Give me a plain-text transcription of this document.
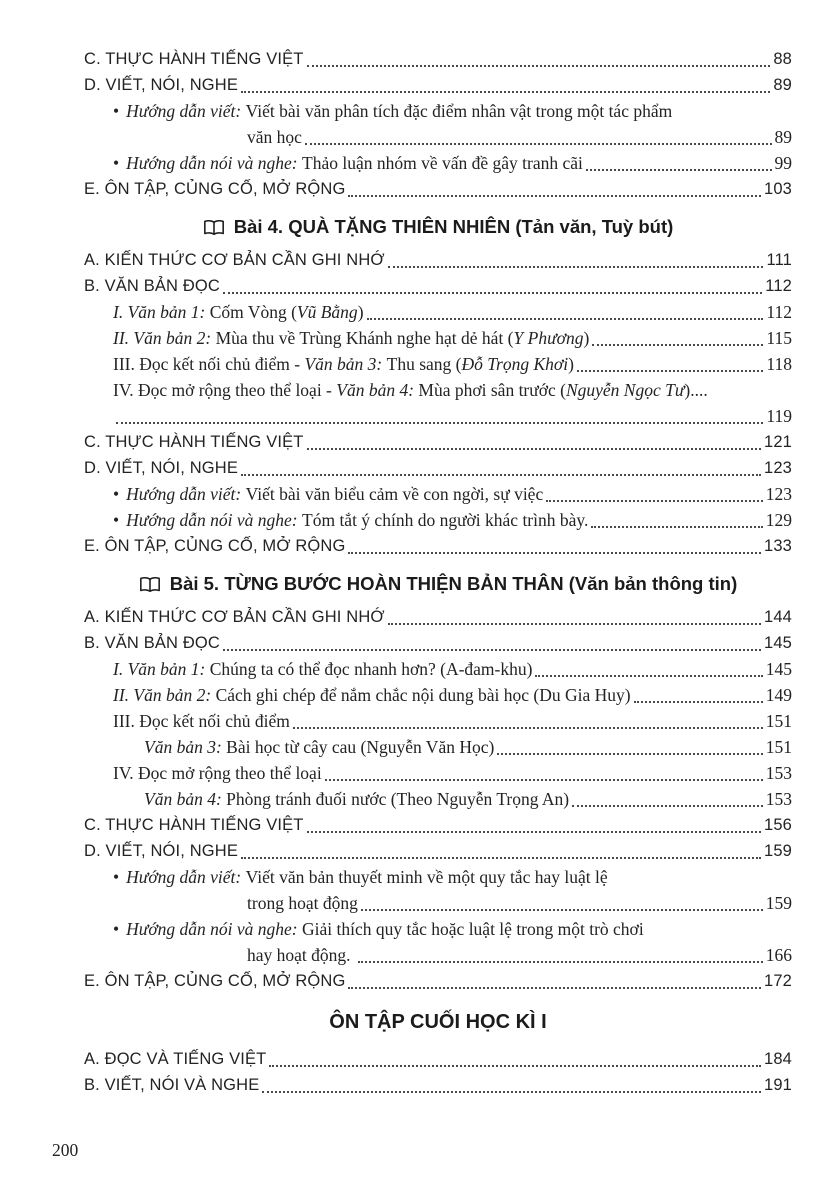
C. THỰC HÀNH TIẾNG VIỆT	88
D. VIẾT, NÓI, NGHE	89
• Hướng dẫn viết: Viết bài văn phân tích đặc điểm nhân vật trong một tác phẩm
văn học	89
• Hướng dẫn nói và nghe: Thảo luận nhóm về vấn đề gây tranh cãi	99
E. ÔN TẬP, CỦNG CỐ, MỞ RỘNG	103
Bài 4. QUÀ TẶNG THIÊN NHIÊN (Tản văn, Tuỳ bút)
A. KIẾN THỨC CƠ BẢN CẦN GHI NHỚ	111
B. VĂN BẢN ĐỌC	112
I. Văn bản 1: Cốm Vòng ( Vũ Bằng )	112
II. Văn bản 2: Mùa thu về Trùng Khánh nghe hạt dẻ hát ( Y Phương )	115
III. Đọc kết nối chủ điểm - Văn bản 3: Thu sang ( Đỗ Trọng Khơi )	118
IV. Đọc mở rộng theo thể loại - Văn bản 4: Mùa phơi sân trước ( Nguyễn Ngọc Tư )....
119
C. THỰC HÀNH TIẾNG VIỆT	121
D. VIẾT, NÓI, NGHE	123
• Hướng dẫn viết: Viết bài văn biểu cảm về con ngời, sự việc	123
• Hướng dẫn nói và nghe: Tóm tắt ý chính do người khác trình bày.	129
E. ÔN TẬP, CỦNG CỐ, MỞ RỘNG	133
Bài 5. TỪNG BƯỚC HOÀN THIỆN BẢN THÂN (Văn bản thông tin)
A. KIẾN THỨC CƠ BẢN CẦN GHI NHỚ	144
B. VĂN BẢN ĐỌC	145
I. Văn bản 1: Chúng ta có thể đọc nhanh hơn? (A-đam-khu)	145
II. Văn bản 2: Cách ghi chép để nắm chắc nội dung bài học (Du Gia Huy)	149
III. Đọc kết nối chủ điểm	151
Văn bản 3: Bài học từ cây cau (Nguyễn Văn Học)	151
IV. Đọc mở rộng theo thể loại	153
Văn bản 4: Phòng tránh đuối nước (Theo Nguyễn Trọng An)	153
C. THỰC HÀNH TIẾNG VIỆT	156
D. VIẾT, NÓI, NGHE	159
• Hướng dẫn viết: Viết văn bản thuyết minh về một quy tắc hay luật lệ
trong hoạt động	159
• Hướng dẫn nói và nghe: Giải thích quy tắc hoặc luật lệ trong một trò chơi
hay hoạt động.	166
E. ÔN TẬP, CỦNG CỐ, MỞ RỘNG	172
ÔN TẬP CUỐI HỌC KÌ I
A. ĐỌC VÀ TIẾNG VIỆT	184
B. VIẾT, NÓI VÀ NGHE	191
200
